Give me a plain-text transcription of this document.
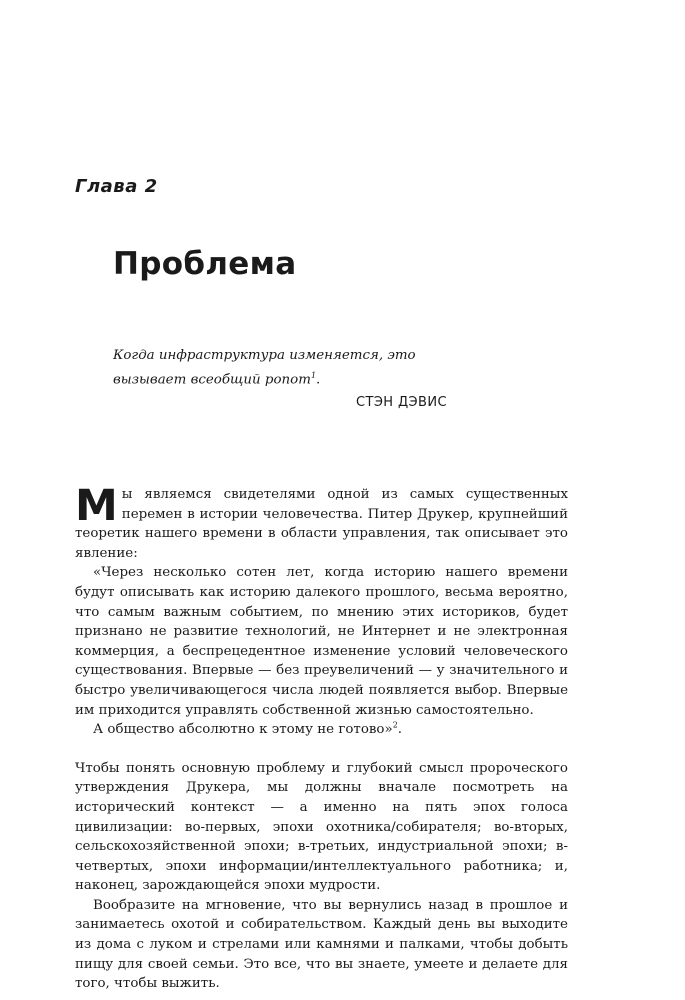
Глава 2
Проблема

Когда инфраструктура изменяется, это вызывает всеобщий ропот$^1$.

СТЭН ДЭВИС

Мы являемся свидетелями одной из самых существенных перемен в истории человечества. Питер Друкер, крупнейший теоретик нашего времени в области управления, так описывает это явление:

«Через несколько сотен лет, когда историю нашего времени будут описывать как историю далекого прошлого, весьма вероятно, что самым важным событием, по мнению этих историков, будет признано не развитие технологий, не Интернет и не электронная коммерция, а беспрецедентное изменение условий человеческого существования. Впервые — без преувеличений — у значительного и быстро увеличивающегося числа людей появляется выбор. Впервые им приходится управлять собственной жизнью самостоятельно.

А общество абсолютно к этому не готово»$^2$.

Чтобы понять основную проблему и глубокий смысл пророческого утверждения Друкера, мы должны вначале посмотреть на исторический контекст — а именно на пять эпох голоса цивилизации: во-первых, эпохи охотника/собирателя; во-вторых, сельскохозяйственной эпохи; в-третьих, индустриальной эпохи; в-четвертых, эпохи информации/интеллектуального работника; и, наконец, зарождающейся эпохи мудрости.

Вообразите на мгновение, что вы вернулись назад в прошлое и занимаетесь охотой и собирательством. Каждый день вы выходите из дома с луком и стрелами или камнями и палками, чтобы добыть пищу для своей семьи. Это все, что вы знаете, умеете и делаете для того, чтобы выжить.
